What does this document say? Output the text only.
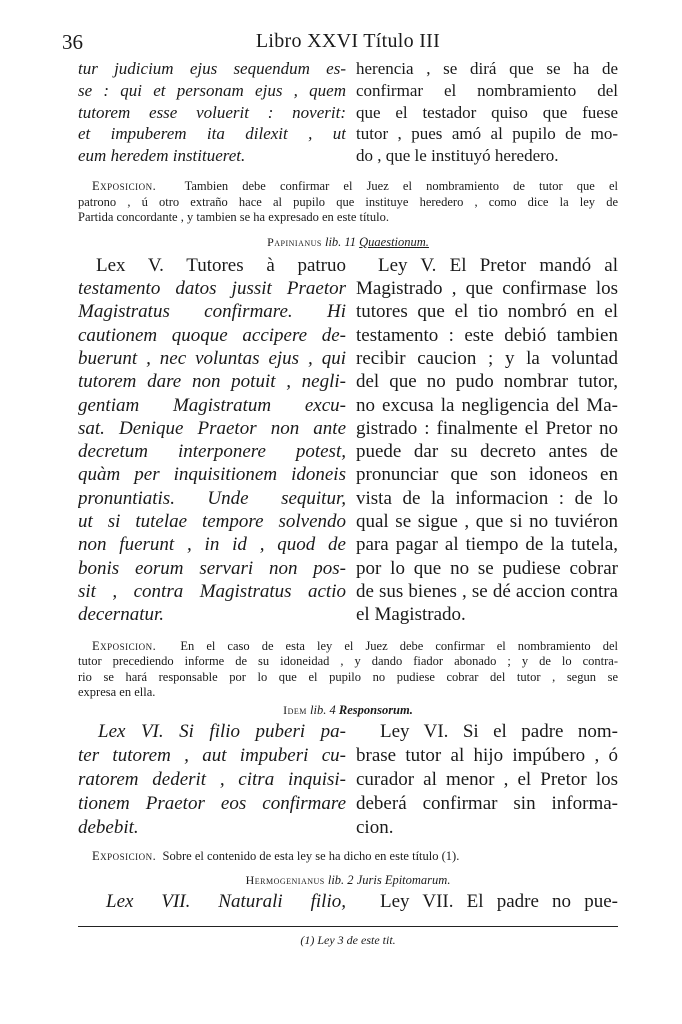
36	Libro XXVI Título III
tur judicium ejus sequendum es-
se : qui et personam ejus , quem
tutorem esse voluerit : noverit:
et impuberem ita dilexit , ut
eum heredem institueret.
herencia , se dirá que se ha de
confirmar el nombramiento del
que el testador quiso que fuese
tutor , pues amó al pupilo de mo-
do , que le instituyó heredero.
Exposicion. Tambien debe confirmar el Juez el nombramiento de tutor que el
patrono , ú otro extraño hace al pupilo que instituye heredero , como dice la ley de
Partida concordante , y tambien se ha expresado en este título.
Papinianus lib. 11 Quaestionum.
Lex V. Tutores à patruo
testamento datos jussit Praetor
Magistratus confirmare. Hi
cautionem quoque accipere de-
buerunt , nec voluntas ejus , qui
tutorem dare non potuit , negli-
gentiam Magistratum excu-
sat. Denique Praetor non ante
decretum interponere potest,
quàm per inquisitionem idoneis
pronuntiatis. Unde sequitur,
ut si tutelae tempore solvendo
non fuerunt , in id , quod de
bonis eorum servari non pos-
sit , contra Magistratus actio
decernatur.
Ley V. El Pretor mandó al
Magistrado , que confirmase los
tutores que el tio nombró en el
testamento : este debió tambien
recibir caucion ; y la voluntad
del que no pudo nombrar tutor,
no excusa la negligencia del Ma-
gistrado : finalmente el Pretor no
puede dar su decreto antes de
pronunciar que son idoneos en
vista de la informacion : de lo
qual se sigue , que si no tuviéron
para pagar al tiempo de la tutela,
por lo que no se pudiese cobrar
de sus bienes , se dé accion contra
el Magistrado.
Exposicion. En el caso de esta ley el Juez debe confirmar el nombramiento del
tutor precediendo informe de su idoneidad , y dando fiador abonado ; y de lo contra-
rio se hará responsable por lo que el pupilo no pudiese cobrar del tutor , segun se
expresa en ella.
Idem lib. 4 Responsorum.
Lex VI. Si filio puberi pa-
ter tutorem , aut impuberi cu-
ratorem dederit , citra inquisi-
tionem Praetor eos confirmare
debebit.
Ley VI. Si el padre nom-
brase tutor al hijo impúbero , ó
curador al menor , el Pretor los
deberá confirmar sin informa-
cion.
Exposicion. Sobre el contenido de esta ley se ha dicho en este título (1).
Hermogenianus lib. 2 Juris Epitomarum.
Lex VII. Naturali filio,	Ley VII. El padre no pue-
(1) Ley 3 de este tit.
